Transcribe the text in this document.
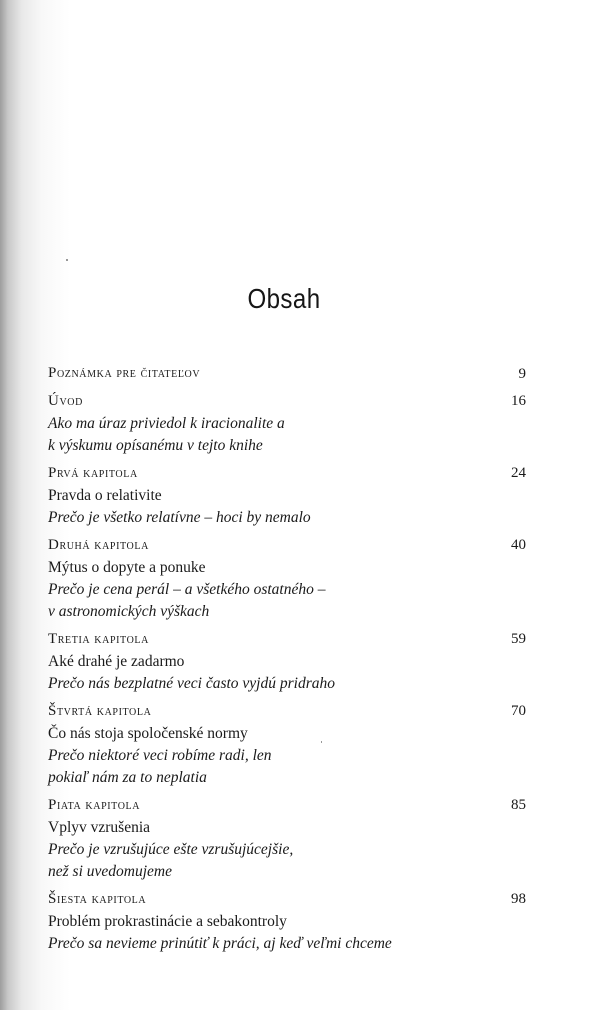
Obsah
Poznámka pre čitateľov	9
Úvod
Ako ma úraz priviedol k iracionalite a
k výskumu opísanému v tejto knihe
16
Prvá kapitola
Pravda o relativite
Prečo je všetko relatívne – hoci by nemalo
24
Druhá kapitola
Mýtus o dopyte a ponuke
Prečo je cena perál – a všetkého ostatného –
v astronomických výškach
40
Tretia kapitola
Aké drahé je zadarmo
Prečo nás bezplatné veci často vyjdú pridraho
59
Štvrtá kapitola
Čo nás stoja spoločenské normy
Prečo niektoré veci robíme radi, len
pokiaľ nám za to neplatia
70
Piata kapitola
Vplyv vzrušenia
Prečo je vzrušujúce ešte vzrušujúcejšie,
než si uvedomujeme
85
Šiesta kapitola
Problém prokrastinácie a sebakontroly
Prečo sa nevieme prinútiť k práci, aj keď veľmi chceme
98
